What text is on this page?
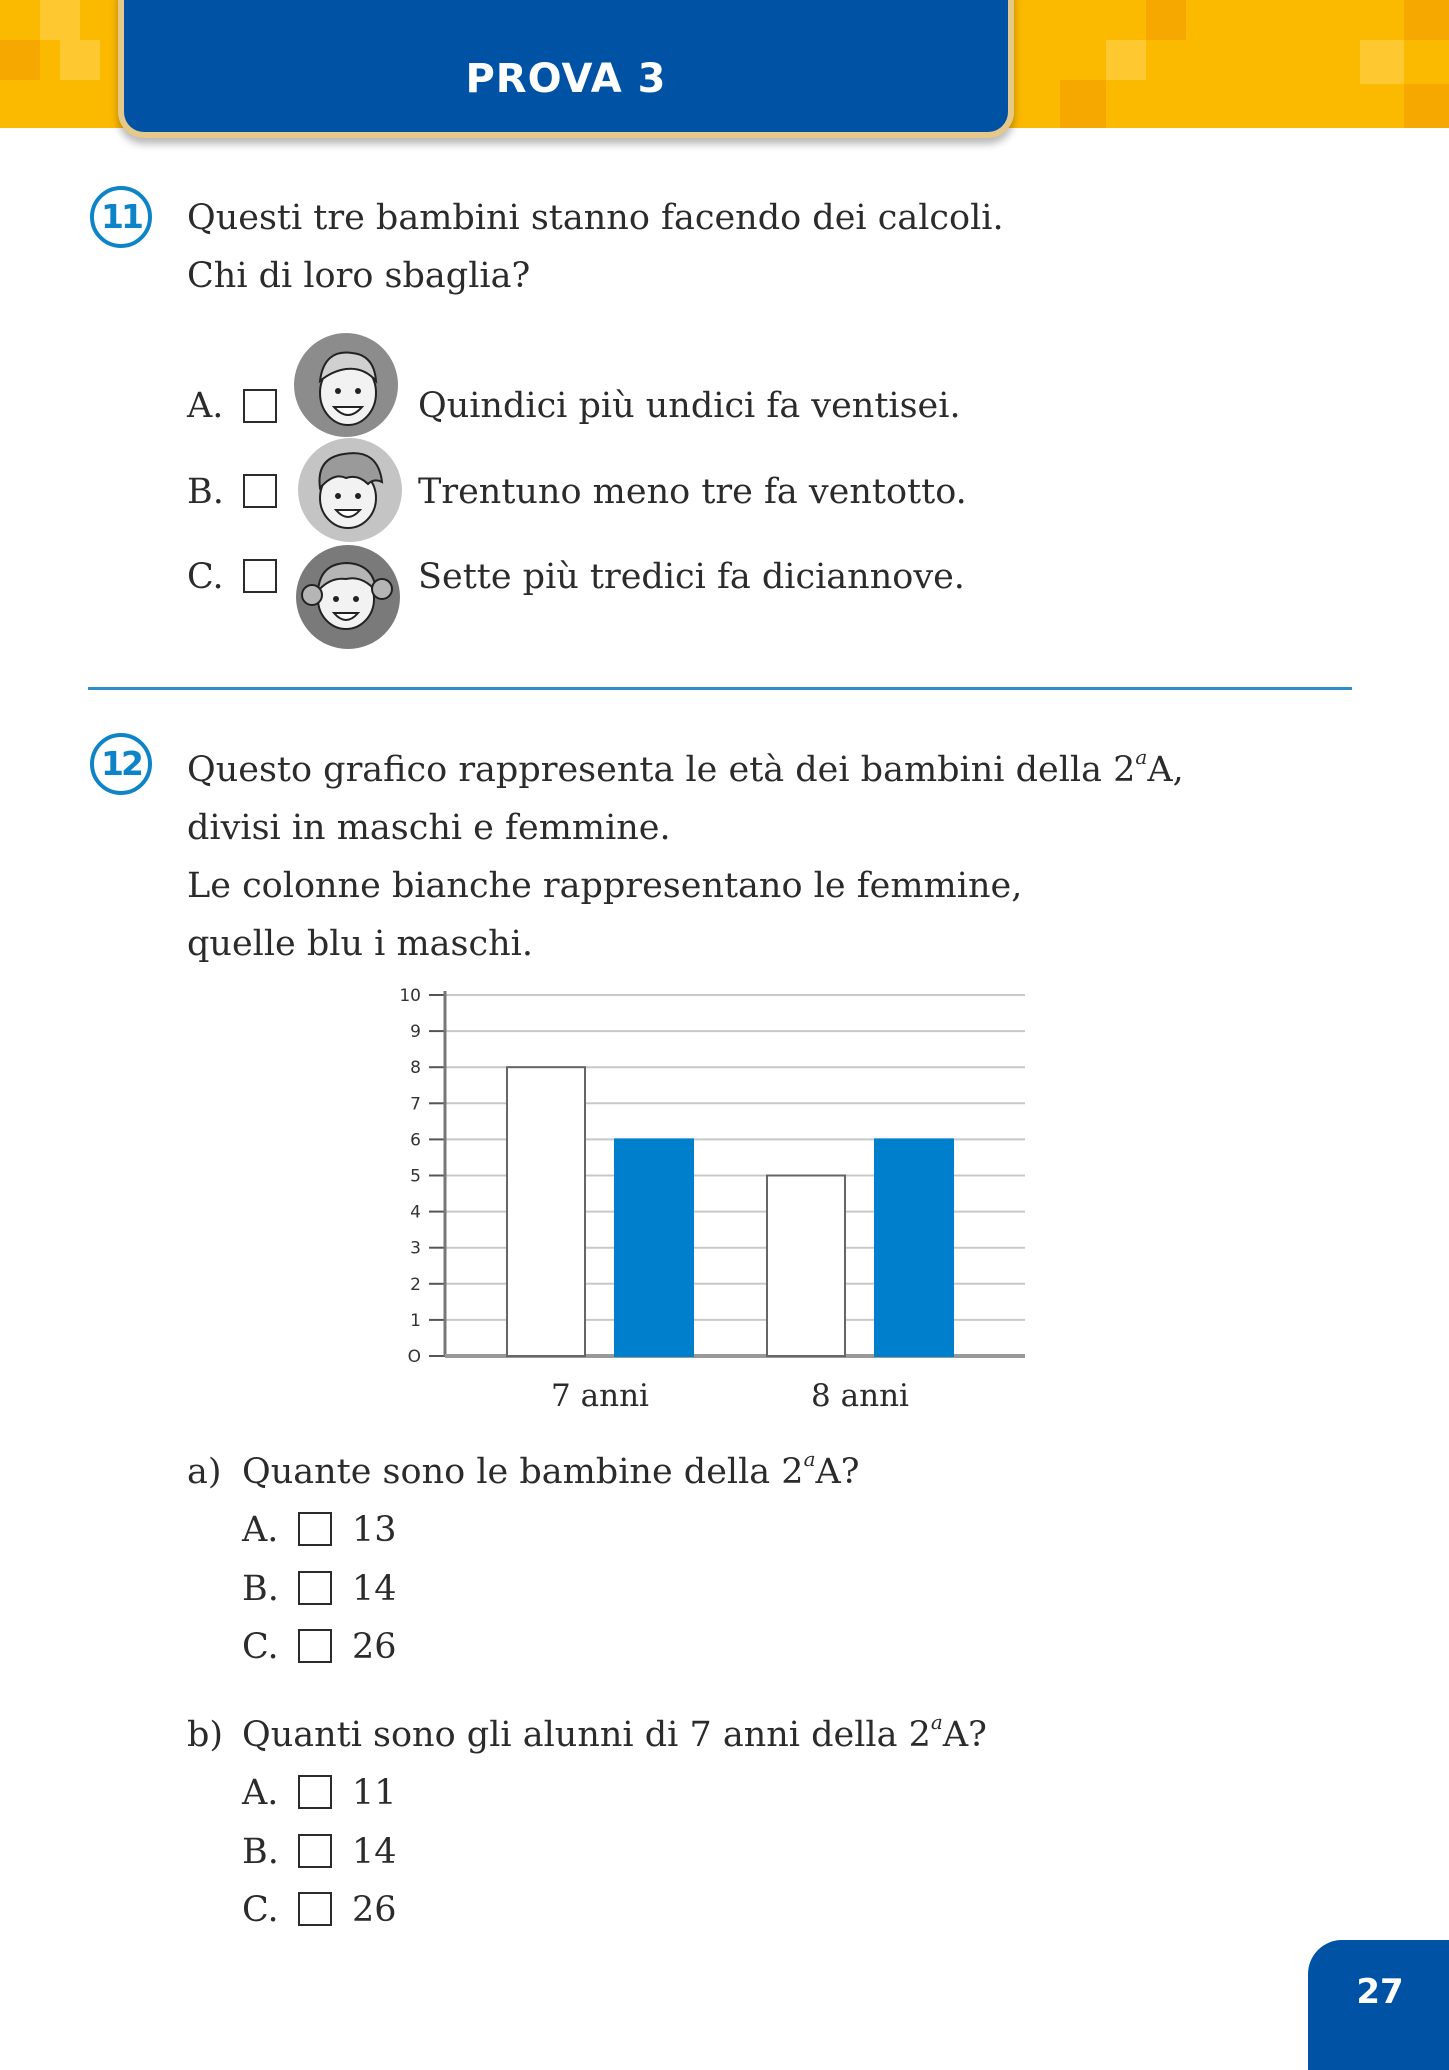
PROVA 3
11	Questi tre bambini stanno facendo dei calcoli.
Chi di loro sbaglia?
A.	Quindici più undici fa ventisei.
B.	Trentuno meno tre fa ventotto.
C.	Sette più tredici fa diciannove.
12	Questo grafico rappresenta le età dei bambini della 2$^a$A,
divisi in maschi e femmine.
Le colonne bianche rappresentano le femmine,
quelle blu i maschi.
O
1
2
3
4
5
6
7
8
9
10
7 anni	8 anni
a) Quante sono le bambine della 2$^a$A?
A. 13
B. 14
C. 26
b) Quanti sono gli alunni di 7 anni della 2$^a$A?
A. 11
B. 14
C. 26
27
